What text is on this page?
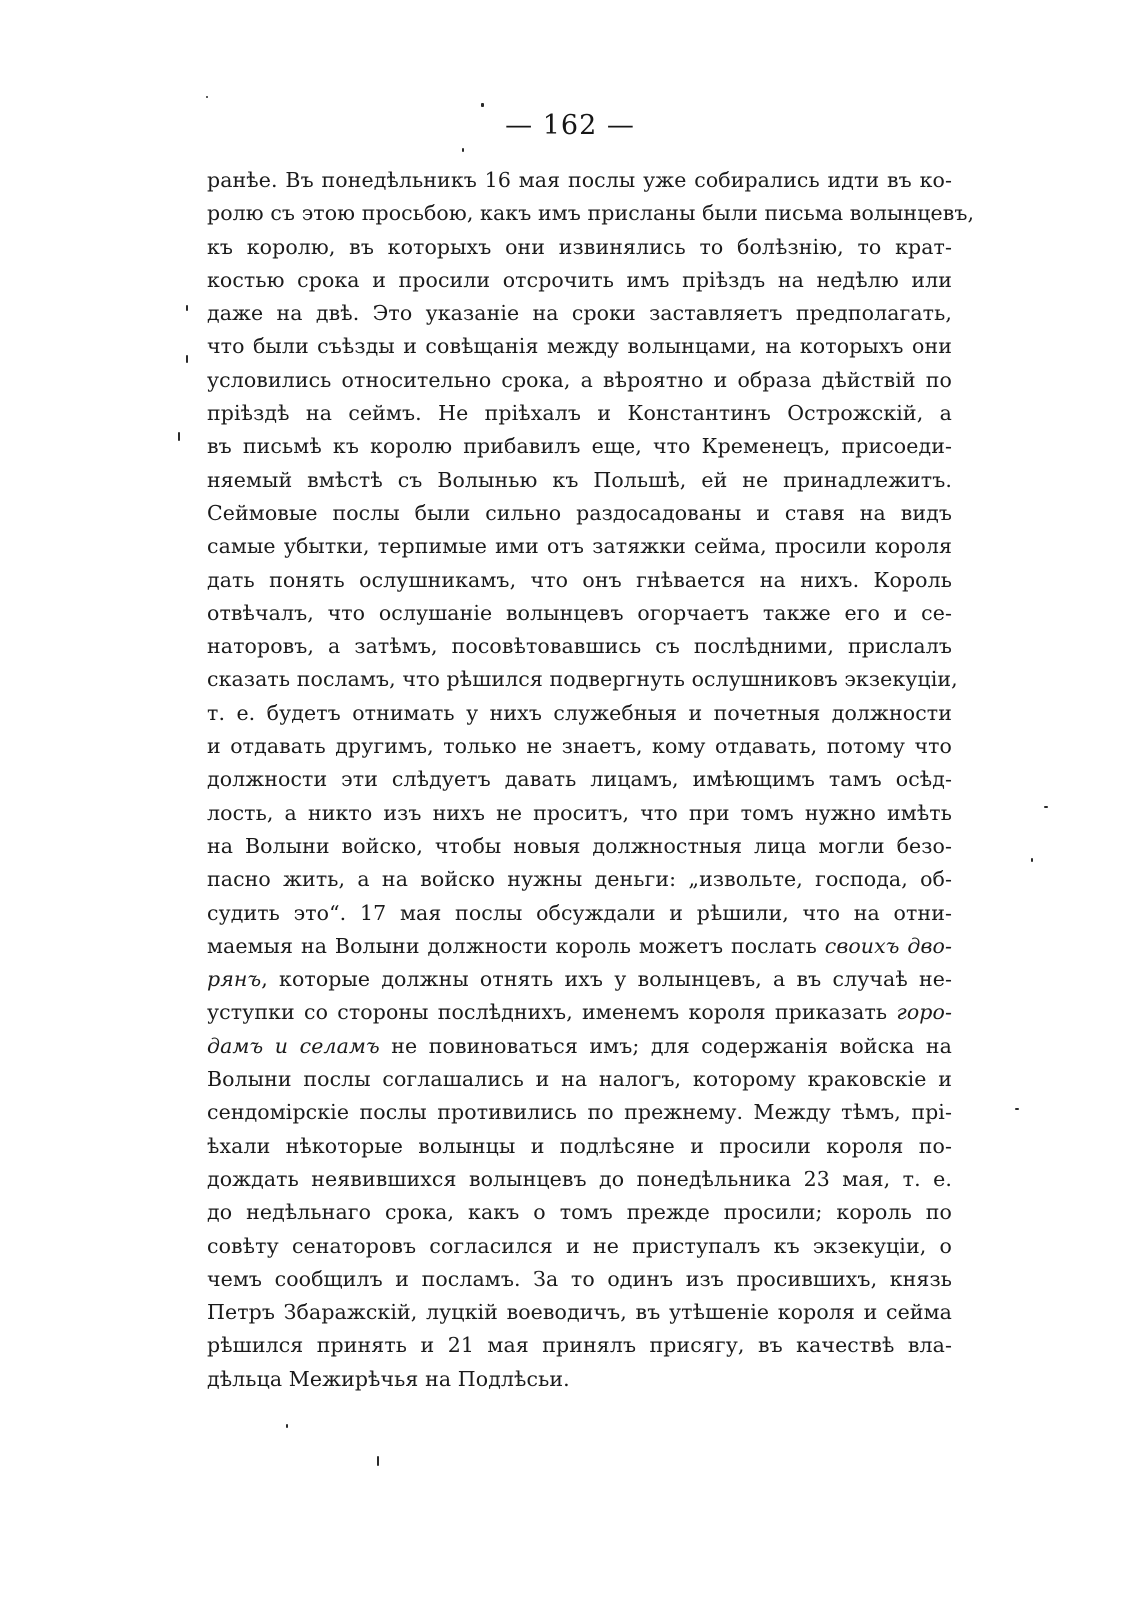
— 162 —
ранѣе. Въ понедѣльникъ 16 мая послы уже собирались идти въ ко-
ролю съ этою просьбою, какъ имъ присланы были письма волынцевъ,
къ королю, въ которыхъ они извинялись то болѣзнію, то крат-
костью срока и просили отсрочить имъ пріѣздъ на недѣлю или
даже на двѣ. Это указаніе на сроки заставляетъ предполагать,
что были съѣзды и совѣщанія между волынцами, на которыхъ они
условились относительно срока, а вѣроятно и образа дѣйствій по
пріѣздѣ на сеймъ. Не пріѣхалъ и Константинъ Острожскій, а
въ письмѣ къ королю прибавилъ еще, что Кременецъ, присоеди-
няемый вмѣстѣ съ Волынью къ Польшѣ, ей не принадлежитъ.
Сеймовые послы были сильно раздосадованы и ставя на видъ
самые убытки, терпимые ими отъ затяжки сейма, просили короля
дать понять ослушникамъ, что онъ гнѣвается на нихъ. Король
отвѣчалъ, что ослушаніе волынцевъ огорчаетъ также его и се-
наторовъ, а затѣмъ, посовѣтовавшись съ послѣдними, прислалъ
сказать посламъ, что рѣшился подвергнуть ослушниковъ экзекуціи,
т. е. будетъ отнимать у нихъ служебныя и почетныя должности
и отдавать другимъ, только не знаетъ, кому отдавать, потому что
должности эти слѣдуетъ давать лицамъ, имѣющимъ тамъ осѣд-
лость, а никто изъ нихъ не проситъ, что при томъ нужно имѣть
на Волыни войско, чтобы новыя должностныя лица могли безо-
пасно жить, а на войско нужны деньги: „извольте, господа, об-
судить это“. 17 мая послы обсуждали и рѣшили, что на отни-
маемыя на Волыни должности король можетъ послать своихъ дво-
рянъ, которые должны отнять ихъ у волынцевъ, а въ случаѣ не-
уступки со стороны послѣднихъ, именемъ короля приказать горо-
дамъ и селамъ не повиноваться имъ; для содержанія войска на
Волыни послы соглашались и на налогъ, которому краковскіе и
сендомірскіе послы противились по прежнему. Между тѣмъ, прі-
ѣхали нѣкоторые волынцы и подлѣсяне и просили короля по-
дождать неявившихся волынцевъ до понедѣльника 23 мая, т. е.
до недѣльнаго срока, какъ о томъ прежде просили; король по
совѣту сенаторовъ согласился и не приступалъ къ экзекуціи, о
чемъ сообщилъ и посламъ. За то одинъ изъ просившихъ, князь
Петръ Збаражскій, луцкій воеводичъ, въ утѣшеніе короля и сейма
рѣшился принять и 21 мая принялъ присягу, въ качествѣ вла-
дѣльца Межирѣчья на Подлѣсьи.
